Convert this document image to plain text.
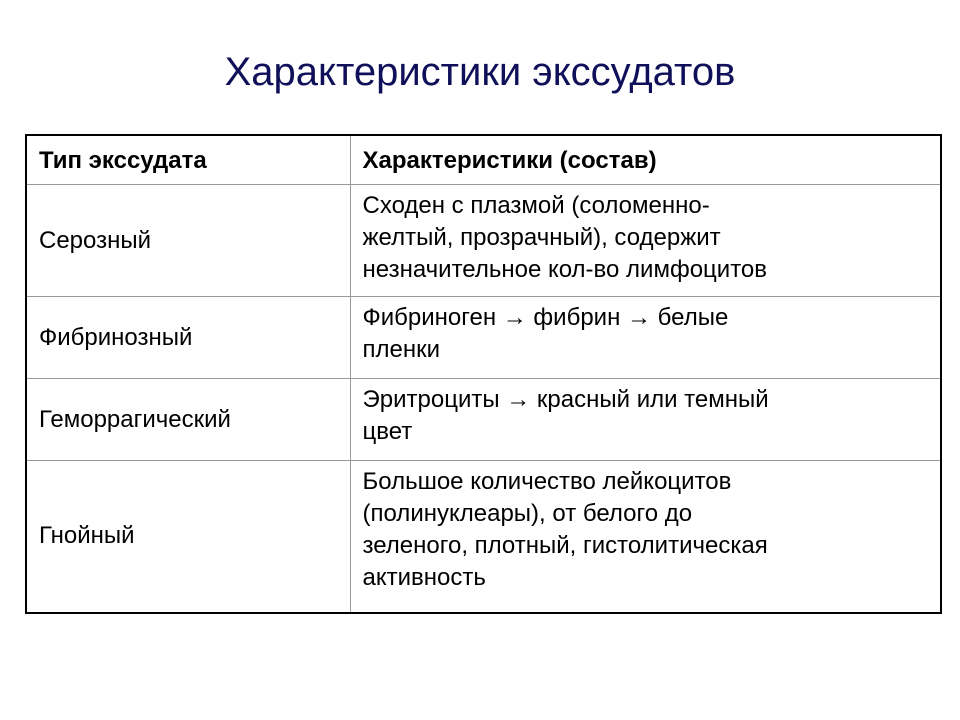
Характеристики экссудатов
Тип экссудата	Характеристики (состав)
Серозный	Сходен с плазмой (соломенно-
желтый, прозрачный), содержит
незначительное кол-во лимфоцитов

Фибринозный	Фибриноген → фибрин → белые
пленки

Геморрагический	Эритроциты → красный или темный
цвет

Гнойный	Большое количество лейкоцитов
(полинуклеары), от белого до
зеленого, плотный, гистолитическая
активность
